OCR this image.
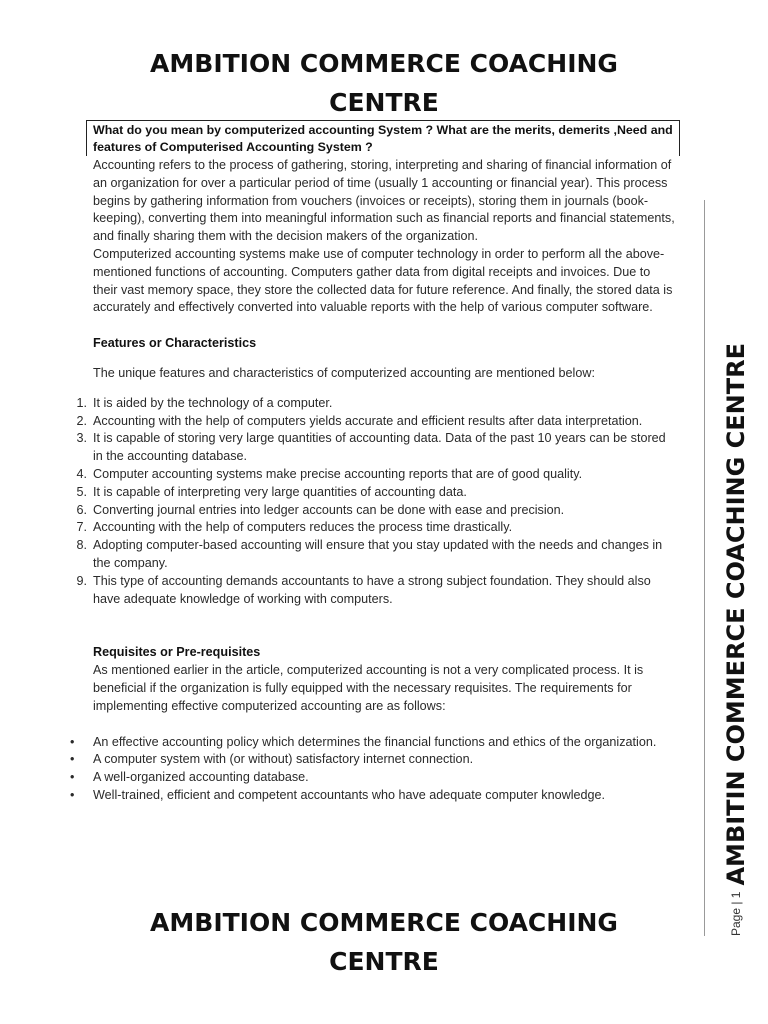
AMBITION COMMERCE COACHING CENTRE
What do you mean by computerized accounting System ? What are the merits, demerits ,Need and features of Computerised Accounting System ?

Accounting refers to the process of gathering, storing, interpreting and sharing of financial information of an organization for over a particular period of time (usually 1 accounting or financial year). This process begins by gathering information from vouchers (invoices or receipts), storing them in journals (book-keeping), converting them into meaningful information such as financial reports and financial statements, and finally sharing them with the decision makers of the organization.

Computerized accounting systems make use of computer technology in order to perform all the above-mentioned functions of accounting. Computers gather data from digital receipts and invoices. Due to their vast memory space, they store the collected data for future reference. And finally, the stored data is accurately and effectively converted into valuable reports with the help of various computer software.

Features or Characteristics

The unique features and characteristics of computerized accounting are mentioned below:

1. It is aided by the technology of a computer.
2. Accounting with the help of computers yields accurate and efficient results after data interpretation.
3. It is capable of storing very large quantities of accounting data. Data of the past 10 years can be stored in the accounting database.
4. Computer accounting systems make precise accounting reports that are of good quality.
5. It is capable of interpreting very large quantities of accounting data.
6. Converting journal entries into ledger accounts can be done with ease and precision.
7. Accounting with the help of computers reduces the process time drastically.
8. Adopting computer-based accounting will ensure that you stay updated with the needs and changes in the company.
9. This type of accounting demands accountants to have a strong subject foundation. They should also have adequate knowledge of working with computers.

Requisites or Pre-requisites

As mentioned earlier in the article, computerized accounting is not a very complicated process. It is beneficial if the organization is fully equipped with the necessary requisites. The requirements for implementing effective computerized accounting are as follows:

• An effective accounting policy which determines the financial functions and ethics of the organization.
• A computer system with (or without) satisfactory internet connection.
• A well-organized accounting database.
• Well-trained, efficient and competent accountants who have adequate computer knowledge.
AMBITION COMMERCE COACHING CENTRE
Page | 1
AMBITIN COMMERCE COACHING CENTRE
